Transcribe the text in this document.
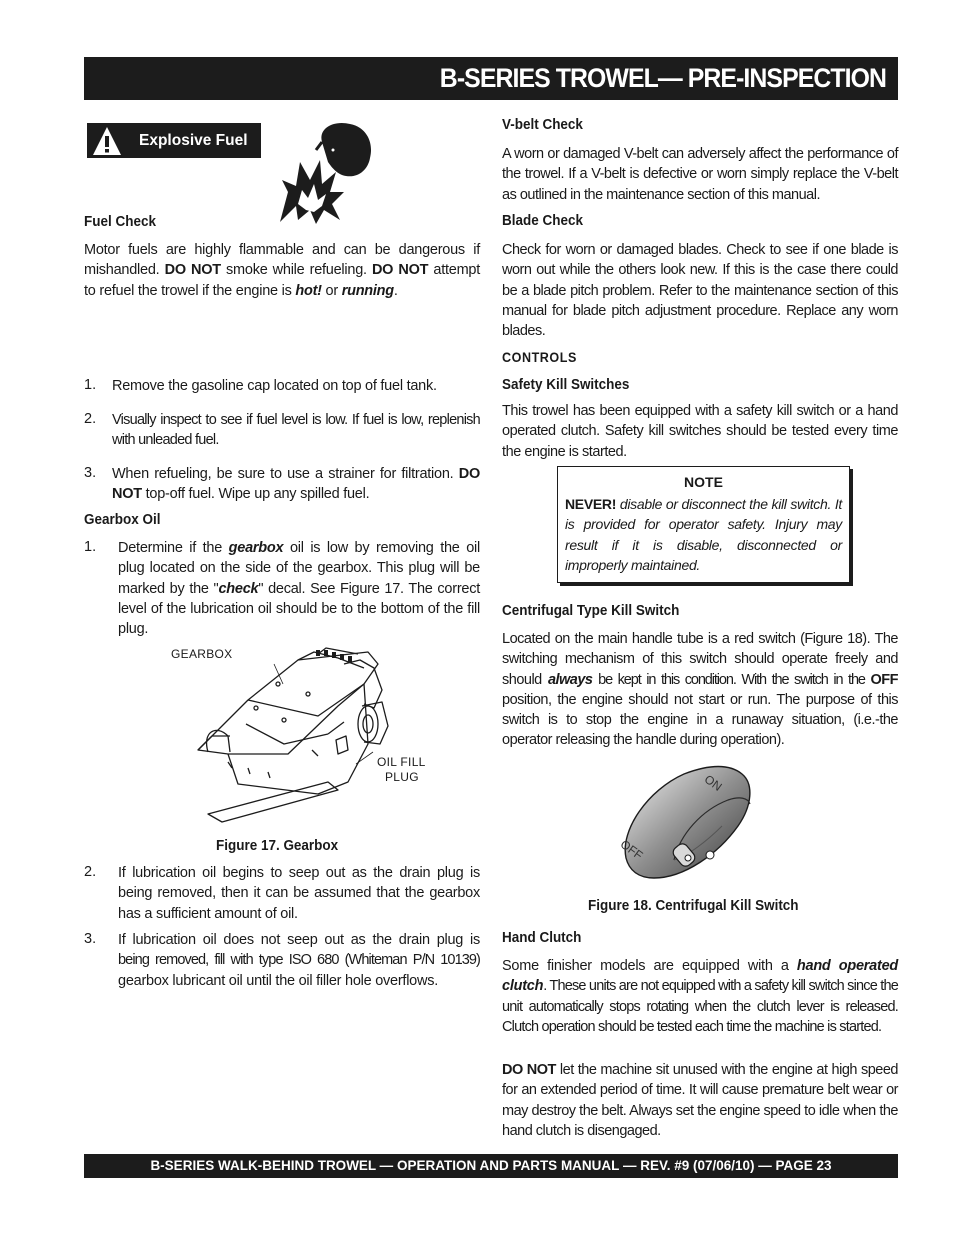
B-SERIES TROWEL— PRE-INSPECTION
Explosive Fuel
Fuel Check
Motor fuels are highly flammable and can be dangerous if mishandled. DO NOT smoke while refueling. DO NOT attempt to refuel the trowel if the engine is hot! or running.
1. Remove the gasoline cap located on top of fuel tank.
2. Visually inspect to see if fuel level is low. If fuel is low, replenish with unleaded fuel.
3. When refueling, be sure to use a strainer for filtration. DO NOT top-off fuel. Wipe up any spilled fuel.
Gearbox Oil
1. Determine if the gearbox oil is low by removing the oil plug located on the side of the gearbox. This plug will be marked by the "check" decal. See Figure 17. The correct level of the lubrication oil should be to the bottom of the fill plug.
GEARBOX
OIL FILL
PLUG
Figure 17. Gearbox
2. If lubrication oil begins to seep out as the drain plug is being removed, then it can be assumed that the gearbox has a sufficient amount of oil.
3. If lubrication oil does not seep out as the drain plug is being removed, fill with type ISO 680 (Whiteman P/N 10139) gearbox lubricant oil until the oil filler hole overflows.
V-belt Check
A worn or damaged V-belt can adversely affect the performance of the trowel. If a V-belt is defective or worn simply replace the V-belt as outlined in the maintenance section of this manual.
Blade Check
Check for worn or damaged blades. Check to see if one blade is worn out while the others look new. If this is the case there could be a blade pitch problem. Refer to the maintenance section of this manual for blade pitch adjustment procedure. Replace any worn blades.
CONTROLS
Safety Kill Switches
This trowel has been equipped with a safety kill switch or a hand operated clutch. Safety kill switches should be tested every time the engine is started.
NOTE
NEVER! disable or disconnect the kill switch. It is provided for operator safety. Injury may result if it is disable, disconnected or improperly maintained.
Centrifugal Type Kill Switch
Located on the main handle tube is a red switch (Figure 18). The switching mechanism of this switch should operate freely and should always be kept in this condition. With the switch in the OFF position, the engine should not start or run. The purpose of this switch is to stop the engine in a runaway situation, (i.e.-the operator releasing the handle during operation).
ON
OFF
Figure 18. Centrifugal Kill Switch
Hand Clutch
Some finisher models are equipped with a hand operated clutch. These units are not equipped with a safety kill switch since the unit automatically stops rotating when the clutch lever is released. Clutch operation should be tested each time the machine is started.
DO NOT let the machine sit unused with the engine at high speed for an extended period of time. It will cause premature belt wear or may destroy the belt. Always set the engine speed to idle when the hand clutch is disengaged.
B-SERIES WALK-BEHIND TROWEL — OPERATION AND PARTS MANUAL — REV. #9 (07/06/10) — PAGE 23
